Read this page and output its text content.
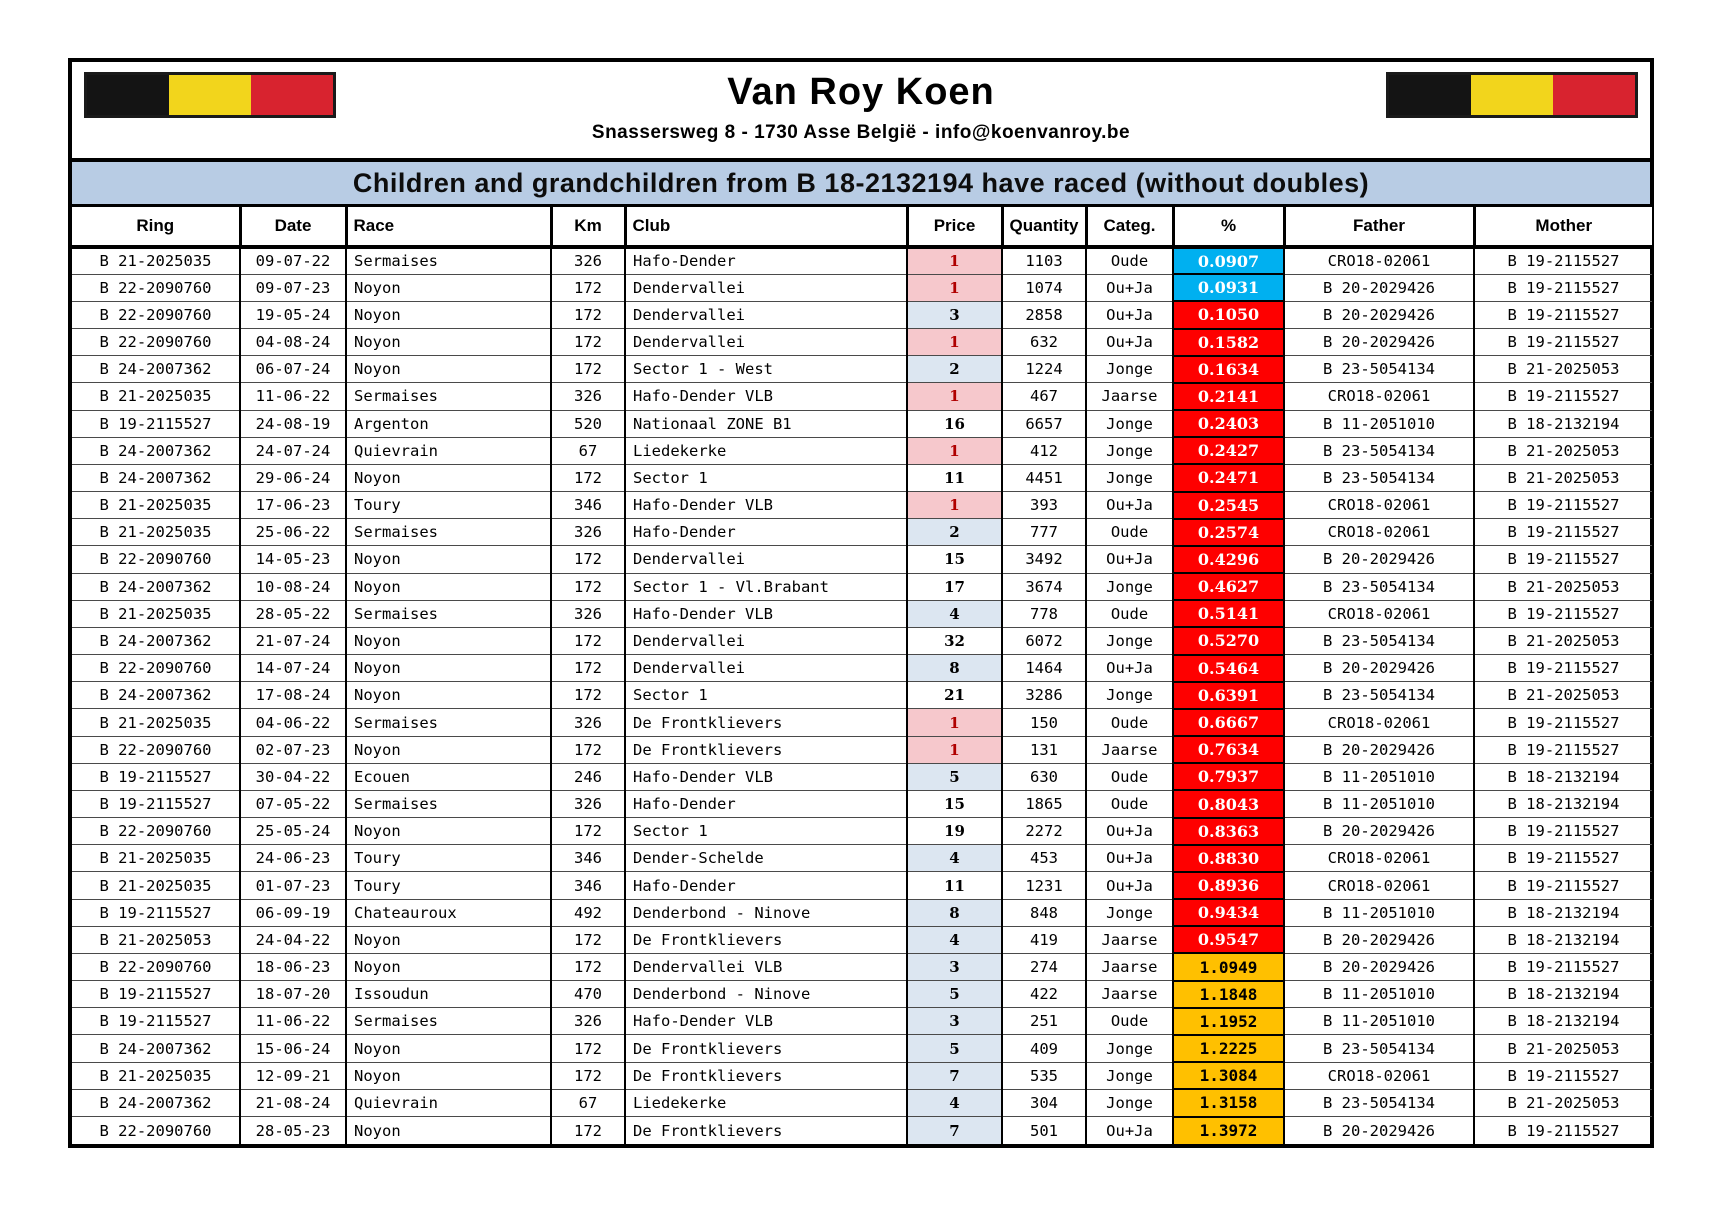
Van Roy Koen
Snassersweg 8 - 1730 Asse België - info@koenvanroy.be
Children and grandchildren from B 18-2132194 have raced (without doubles)
Ring	Date	Race	Km	Club	Price	Quantity	Categ.	%	Father	Mother
B 21-2025035	09-07-22	Sermaises	326	Hafo-Dender	1	1103	Oude	0.0907	CRO18-02061	B 19-2115527
B 22-2090760	09-07-23	Noyon	172	Dendervallei	1	1074	Ou+Ja	0.0931	B 20-2029426	B 19-2115527
B 22-2090760	19-05-24	Noyon	172	Dendervallei	3	2858	Ou+Ja	0.1050	B 20-2029426	B 19-2115527
B 22-2090760	04-08-24	Noyon	172	Dendervallei	1	632	Ou+Ja	0.1582	B 20-2029426	B 19-2115527
B 24-2007362	06-07-24	Noyon	172	Sector 1 - West	2	1224	Jonge	0.1634	B 23-5054134	B 21-2025053
B 21-2025035	11-06-22	Sermaises	326	Hafo-Dender VLB	1	467	Jaarse	0.2141	CRO18-02061	B 19-2115527
B 19-2115527	24-08-19	Argenton	520	Nationaal ZONE B1	16	6657	Jonge	0.2403	B 11-2051010	B 18-2132194
B 24-2007362	24-07-24	Quievrain	67	Liedekerke	1	412	Jonge	0.2427	B 23-5054134	B 21-2025053
B 24-2007362	29-06-24	Noyon	172	Sector 1	11	4451	Jonge	0.2471	B 23-5054134	B 21-2025053
B 21-2025035	17-06-23	Toury	346	Hafo-Dender VLB	1	393	Ou+Ja	0.2545	CRO18-02061	B 19-2115527
B 21-2025035	25-06-22	Sermaises	326	Hafo-Dender	2	777	Oude	0.2574	CRO18-02061	B 19-2115527
B 22-2090760	14-05-23	Noyon	172	Dendervallei	15	3492	Ou+Ja	0.4296	B 20-2029426	B 19-2115527
B 24-2007362	10-08-24	Noyon	172	Sector 1 - Vl.Brabant	17	3674	Jonge	0.4627	B 23-5054134	B 21-2025053
B 21-2025035	28-05-22	Sermaises	326	Hafo-Dender VLB	4	778	Oude	0.5141	CRO18-02061	B 19-2115527
B 24-2007362	21-07-24	Noyon	172	Dendervallei	32	6072	Jonge	0.5270	B 23-5054134	B 21-2025053
B 22-2090760	14-07-24	Noyon	172	Dendervallei	8	1464	Ou+Ja	0.5464	B 20-2029426	B 19-2115527
B 24-2007362	17-08-24	Noyon	172	Sector 1	21	3286	Jonge	0.6391	B 23-5054134	B 21-2025053
B 21-2025035	04-06-22	Sermaises	326	De Frontklievers	1	150	Oude	0.6667	CRO18-02061	B 19-2115527
B 22-2090760	02-07-23	Noyon	172	De Frontklievers	1	131	Jaarse	0.7634	B 20-2029426	B 19-2115527
B 19-2115527	30-04-22	Ecouen	246	Hafo-Dender VLB	5	630	Oude	0.7937	B 11-2051010	B 18-2132194
B 19-2115527	07-05-22	Sermaises	326	Hafo-Dender	15	1865	Oude	0.8043	B 11-2051010	B 18-2132194
B 22-2090760	25-05-24	Noyon	172	Sector 1	19	2272	Ou+Ja	0.8363	B 20-2029426	B 19-2115527
B 21-2025035	24-06-23	Toury	346	Dender-Schelde	4	453	Ou+Ja	0.8830	CRO18-02061	B 19-2115527
B 21-2025035	01-07-23	Toury	346	Hafo-Dender	11	1231	Ou+Ja	0.8936	CRO18-02061	B 19-2115527
B 19-2115527	06-09-19	Chateauroux	492	Denderbond - Ninove	8	848	Jonge	0.9434	B 11-2051010	B 18-2132194
B 21-2025053	24-04-22	Noyon	172	De Frontklievers	4	419	Jaarse	0.9547	B 20-2029426	B 18-2132194
B 22-2090760	18-06-23	Noyon	172	Dendervallei VLB	3	274	Jaarse	1.0949	B 20-2029426	B 19-2115527
B 19-2115527	18-07-20	Issoudun	470	Denderbond - Ninove	5	422	Jaarse	1.1848	B 11-2051010	B 18-2132194
B 19-2115527	11-06-22	Sermaises	326	Hafo-Dender VLB	3	251	Oude	1.1952	B 11-2051010	B 18-2132194
B 24-2007362	15-06-24	Noyon	172	De Frontklievers	5	409	Jonge	1.2225	B 23-5054134	B 21-2025053
B 21-2025035	12-09-21	Noyon	172	De Frontklievers	7	535	Jonge	1.3084	CRO18-02061	B 19-2115527
B 24-2007362	21-08-24	Quievrain	67	Liedekerke	4	304	Jonge	1.3158	B 23-5054134	B 21-2025053
B 22-2090760	28-05-23	Noyon	172	De Frontklievers	7	501	Ou+Ja	1.3972	B 20-2029426	B 19-2115527
